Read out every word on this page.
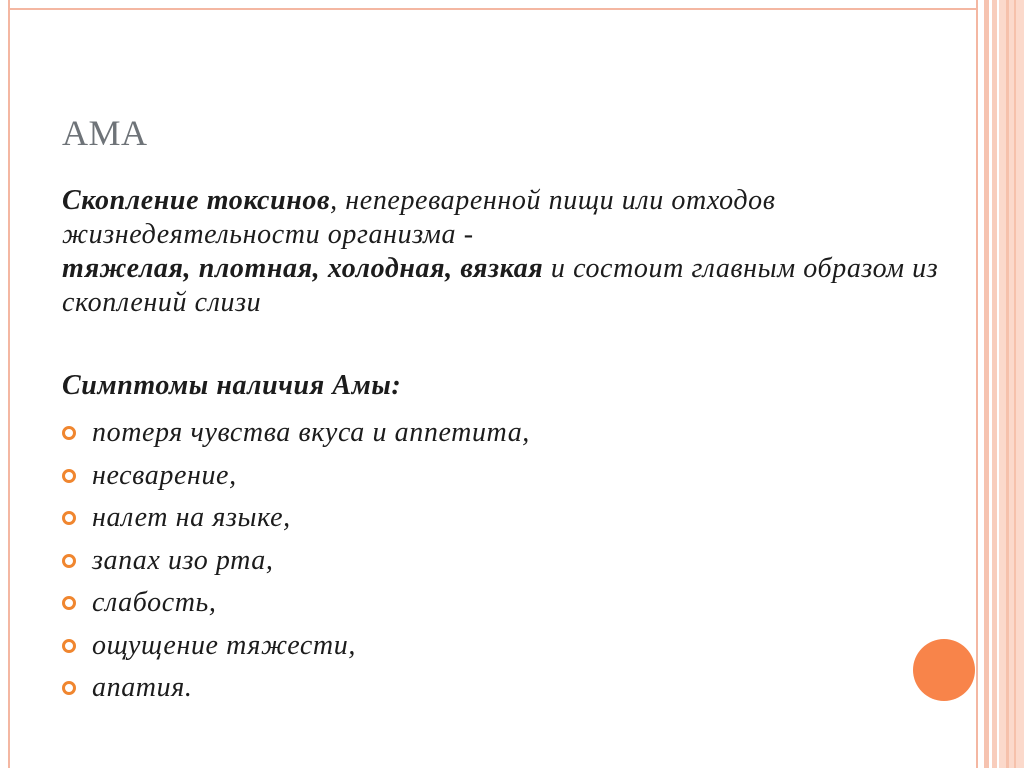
AMA

Скопление токсинов, непереваренной пищи или отходов жизнедеятельности организма -
тяжелая, плотная, холодная, вязкая и состоит главным образом из скоплений слизи

Симптомы наличия Амы:
потеря чувства вкуса и аппетита,
несварение,
налет на языке,
запах изо рта,
слабость,
ощущение тяжести,
апатия.
